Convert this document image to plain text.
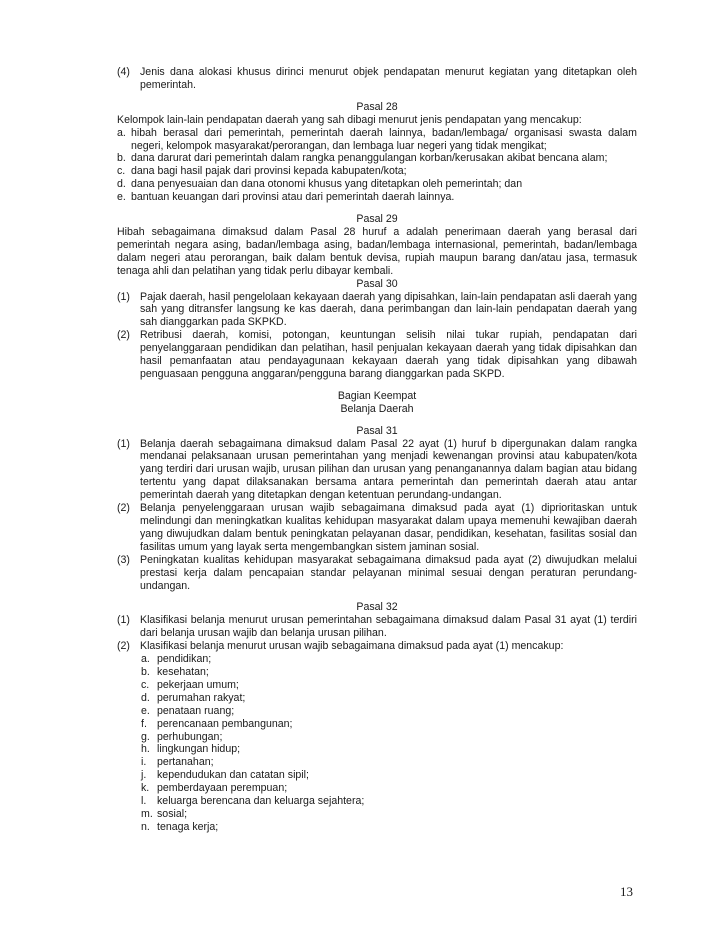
(4) Jenis dana alokasi khusus dirinci menurut objek pendapatan menurut kegiatan yang ditetapkan oleh pemerintah.
Pasal 28
Kelompok lain-lain pendapatan daerah yang sah dibagi menurut jenis pendapatan yang mencakup:
a. hibah berasal dari pemerintah, pemerintah daerah lainnya, badan/lembaga/ organisasi swasta dalam negeri, kelompok masyarakat/perorangan, dan lembaga luar negeri yang tidak mengikat;
b. dana darurat dari pemerintah dalam rangka penanggulangan korban/kerusakan akibat bencana alam;
c. dana bagi hasil pajak dari provinsi kepada kabupaten/kota;
d. dana penyesuaian dan dana otonomi khusus yang ditetapkan oleh pemerintah; dan
e. bantuan keuangan dari provinsi atau dari pemerintah daerah lainnya.
Pasal 29
Hibah sebagaimana dimaksud dalam Pasal 28 huruf a adalah penerimaan daerah yang berasal dari pemerintah negara asing, badan/lembaga asing, badan/lembaga internasional, pemerintah, badan/lembaga dalam negeri atau perorangan, baik dalam bentuk devisa, rupiah maupun barang dan/atau jasa, termasuk tenaga ahli dan pelatihan yang tidak perlu dibayar kembali.
Pasal 30
(1) Pajak daerah, hasil pengelolaan kekayaan daerah yang dipisahkan, lain-lain pendapatan asli daerah yang sah yang ditransfer langsung ke kas daerah, dana perimbangan dan lain-lain pendapatan daerah yang sah dianggarkan pada SKPKD.
(2) Retribusi daerah, komisi, potongan, keuntungan selisih nilai tukar rupiah, pendapatan dari penyelanggaraan pendidikan dan pelatihan, hasil penjualan kekayaan daerah yang tidak dipisahkan dan hasil pemanfaatan atau pendayagunaan kekayaan daerah yang tidak dipisahkan yang dibawah penguasaan pengguna anggaran/pengguna barang dianggarkan pada SKPD.
Bagian Keempat
Belanja Daerah
Pasal 31
(1) Belanja daerah sebagaimana dimaksud dalam Pasal 22 ayat (1) huruf b dipergunakan dalam rangka mendanai pelaksanaan urusan pemerintahan yang menjadi kewenangan provinsi atau kabupaten/kota yang terdiri dari urusan wajib, urusan pilihan dan urusan yang penanganannya dalam bagian atau bidang tertentu yang dapat dilaksanakan bersama antara pemerintah dan pemerintah daerah atau antar pemerintah daerah yang ditetapkan dengan ketentuan perundang-undangan.
(2) Belanja penyelenggaraan urusan wajib sebagaimana dimaksud pada ayat (1) diprioritaskan untuk melindungi dan meningkatkan kualitas kehidupan masyarakat dalam upaya memenuhi kewajiban daerah yang diwujudkan dalam bentuk peningkatan pelayanan dasar, pendidikan, kesehatan, fasilitas sosial dan fasilitas umum yang layak serta mengembangkan sistem jaminan sosial.
(3) Peningkatan kualitas kehidupan masyarakat sebagaimana dimaksud pada ayat (2) diwujudkan melalui prestasi kerja dalam pencapaian standar pelayanan minimal sesuai dengan peraturan perundang-undangan.
Pasal 32
(1) Klasifikasi belanja menurut urusan pemerintahan sebagaimana dimaksud dalam Pasal 31 ayat (1) terdiri dari belanja urusan wajib dan belanja urusan pilihan.
(2) Klasifikasi belanja menurut urusan wajib sebagaimana dimaksud pada ayat (1) mencakup:
a. pendidikan;
b. kesehatan;
c. pekerjaan umum;
d. perumahan rakyat;
e. penataan ruang;
f. perencanaan pembangunan;
g. perhubungan;
h. lingkungan hidup;
i.	pertanahan;
j.	kependudukan dan catatan sipil;
k. pemberdayaan perempuan;
l.	keluarga berencana dan keluarga sejahtera;
m. sosial;
n. tenaga kerja;
13
